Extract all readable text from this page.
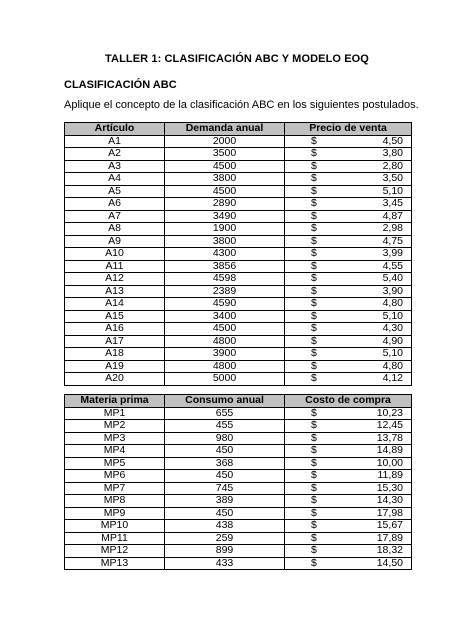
TALLER 1: CLASIFICACIÓN ABC Y MODELO EOQ
CLASIFICACIÓN ABC
Aplique el concepto de la clasificación ABC en los siguientes postulados.
Artículo	Demanda anual	Precio de venta
A1	2000	$ 4,50

A2	3500	$ 3,80

A3	4500	$ 2,80

A4	3800	$ 3,50

A5	4500	$ 5,10

A6	2890	$ 3,45

A7	3490	$ 4,87

A8	1900	$ 2,98

A9	3800	$ 4,75

A10	4300	$ 3,99

A11	3856	$ 4,55

A12	4598	$ 5,40

A13	2389	$ 3,90

A14	4590	$ 4,80

A15	3400	$ 5,10

A16	4500	$ 4,30

A17	4800	$ 4,90

A18	3900	$ 5,10

A19	4800	$ 4,80

A20	5000	$ 4,12
Materia prima	Consumo anual	Costo de compra
MP1	655	$ 10,23

MP2	455	$ 12,45

MP3	980	$ 13,78

MP4	450	$ 14,89

MP5	368	$ 10,00

MP6	450	$ 11,89

MP7	745	$ 15,30

MP8	389	$ 14,30

MP9	450	$ 17,98

MP10	438	$ 15,67

MP11	259	$ 17,89

MP12	899	$ 18,32

MP13	433	$ 14,50
